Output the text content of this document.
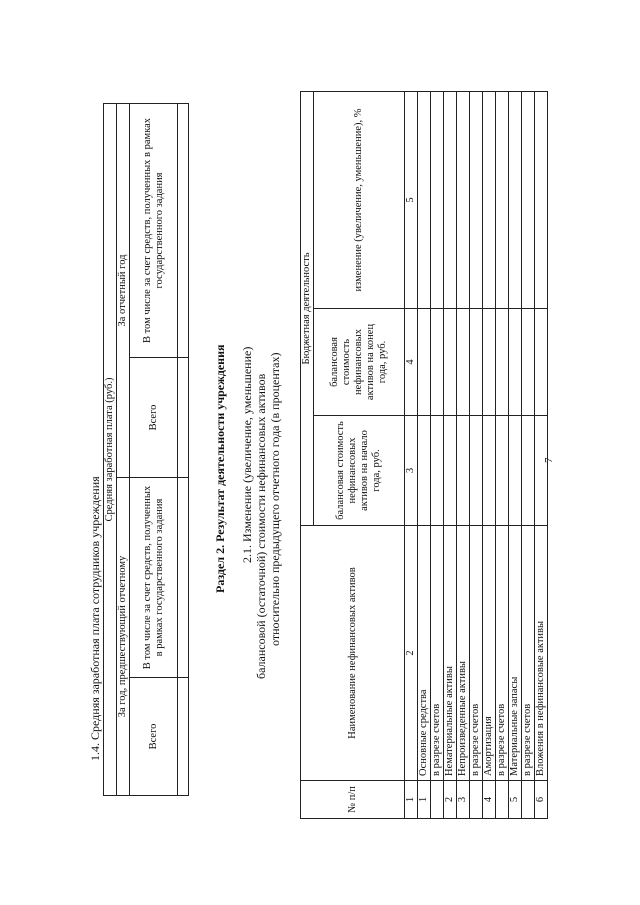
7
1.4. Средняя заработная плата сотрудников учреждения
Средняя заработная плата (руб.)			
За год, предшествующий отчетному		За отчетный год	
Всего	В том числе за счет средств, полученных в рамках государственного задания	Всего	В том числе за счет средств, полученных в рамках государственного задания

Раздел 2. Результат деятельности учреждения 2.1. Изменение (увеличение, уменьшение) балансовой (остаточной) стоимости нефинансовых активов относительно предыдущего отчетного года (в процентах)
№ п/п	Наименование нефинансовых активов	Бюджетная деятельность		
		балансовая стоимость нефинансовых активов на начало года, руб.	балансовая стоимость нефинансовых активов на конец года, руб.	изменение (увеличение, уменьшение), %
1	2	3	4	5
1	Основные средства			
	в разрезе счетов			
2	Нематериальные активы			
3	Непроизведенные активы			
	в разрезе счетов			
4	Амортизация			
	в разрезе счетов			
5	Материальные запасы			
	в разрезе счетов			
6	Вложения в нефинансовые активы			
